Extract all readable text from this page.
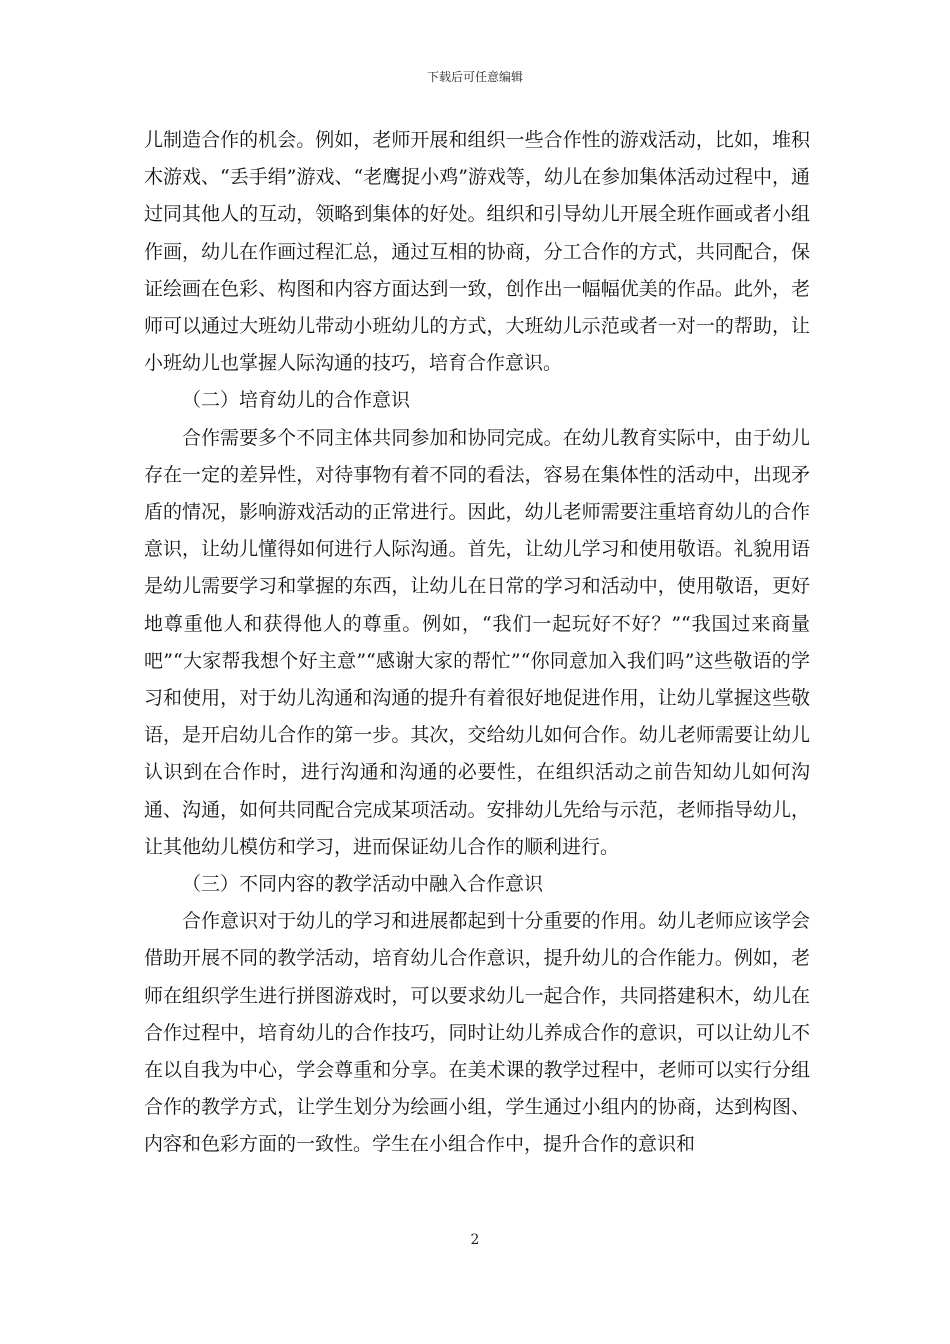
下载后可任意编辑

儿制造合作的机会。例如，老师开展和组织一些合作性的游戏活动，比如，堆积木游戏、“丢手绢”游戏、“老鹰捉小鸡”游戏等，幼儿在参加集体活动过程中，通过同其他人的互动，领略到集体的好处。组织和引导幼儿开展全班作画或者小组作画，幼儿在作画过程汇总，通过互相的协商，分工合作的方式，共同配合，保证绘画在色彩、构图和内容方面达到一致，创作出一幅幅优美的作品。此外，老师可以通过大班幼儿带动小班幼儿的方式，大班幼儿示范或者一对一的帮助，让小班幼儿也掌握人际沟通的技巧，培育合作意识。

（二）培育幼儿的合作意识

合作需要多个不同主体共同参加和协同完成。在幼儿教育实际中，由于幼儿存在一定的差异性，对待事物有着不同的看法，容易在集体性的活动中，出现矛盾的情况，影响游戏活动的正常进行。因此，幼儿老师需要注重培育幼儿的合作意识，让幼儿懂得如何进行人际沟通。首先，让幼儿学习和使用敬语。礼貌用语是幼儿需要学习和掌握的东西，让幼儿在日常的学习和活动中，使用敬语，更好地尊重他人和获得他人的尊重。例如，“我们一起玩好不好？”“我国过来商量吧”“大家帮我想个好主意”“感谢大家的帮忙”“你同意加入我们吗”这些敬语的学习和使用，对于幼儿沟通和沟通的提升有着很好地促进作用，让幼儿掌握这些敬语，是开启幼儿合作的第一步。其次，交给幼儿如何合作。幼儿老师需要让幼儿认识到在合作时，进行沟通和沟通的必要性，在组织活动之前告知幼儿如何沟通、沟通，如何共同配合完成某项活动。安排幼儿先给与示范，老师指导幼儿，让其他幼儿模仿和学习，进而保证幼儿合作的顺利进行。

（三）不同内容的教学活动中融入合作意识

合作意识对于幼儿的学习和进展都起到十分重要的作用。幼儿老师应该学会借助开展不同的教学活动，培育幼儿合作意识，提升幼儿的合作能力。例如，老师在组织学生进行拼图游戏时，可以要求幼儿一起合作，共同搭建积木，幼儿在合作过程中，培育幼儿的合作技巧，同时让幼儿养成合作的意识，可以让幼儿不在以自我为中心，学会尊重和分享。在美术课的教学过程中，老师可以实行分组合作的教学方式，让学生划分为绘画小组，学生通过小组内的协商，达到构图、内容和色彩方面的一致性。学生在小组合作中，提升合作的意识和

2
